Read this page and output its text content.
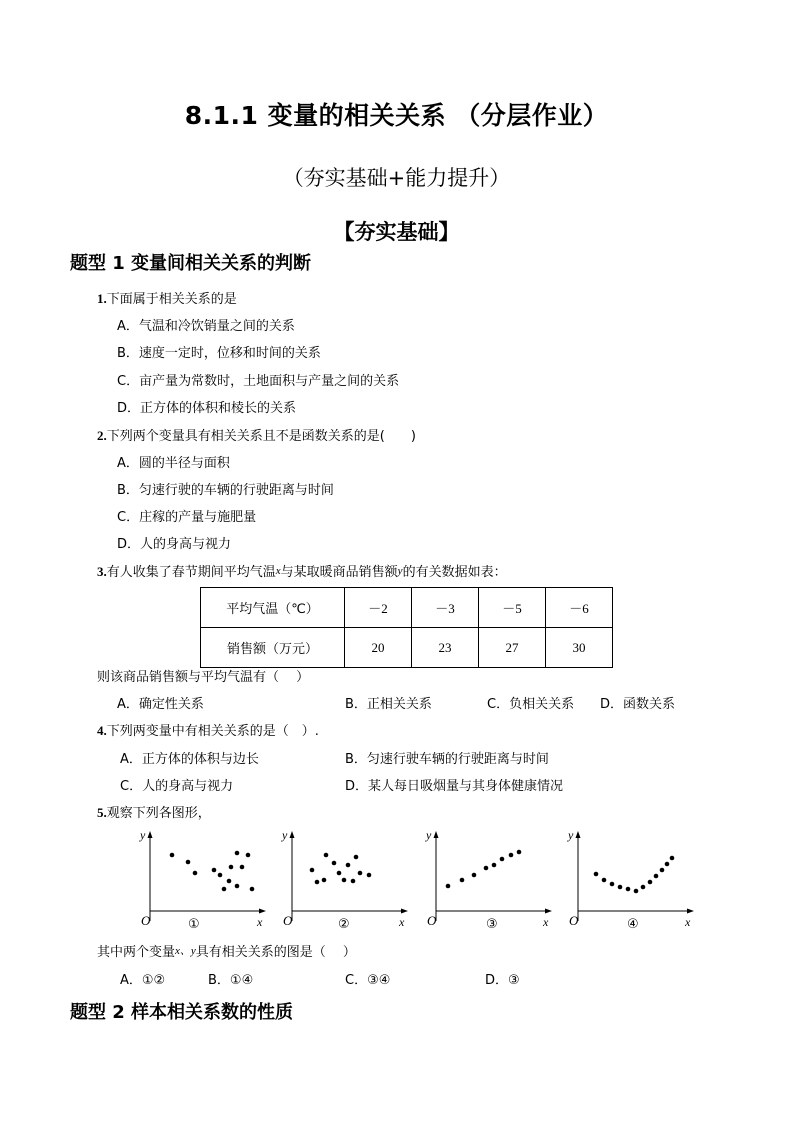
8.1.1 变量的相关关系 （分层作业）
（夯实基础+能力提升）
【夯实基础】
题型 1 变量间相关关系的判断
1.下面属于相关关系的是
A．气温和冷饮销量之间的关系
B．速度一定时，位移和时间的关系
C．亩产量为常数时，土地面积与产量之间的关系
D．正方体的体积和棱长的关系
2.下列两个变量具有相关关系且不是函数关系的是(　　)
A．圆的半径与面积
B．匀速行驶的车辆的行驶距离与时间
C．庄稼的产量与施肥量
D．人的身高与视力
3.有人收集了春节期间平均气温x与某取暖商品销售额y的有关数据如表：
平均气温（℃）	－2	－3	－5	－6
销售额（万元）	20	23	27	30
则该商品销售额与平均气温有（　 ）
A．确定性关系	B．正相关关系	C．负相关关系 D．函数关系
4.下列两变量中有相关关系的是（　）.
A．正方体的体积与边长	B．匀速行驶车辆的行驶距离与时间
C．人的身高与视力	D．某人每日吸烟量与其身体健康情况
5.观察下列各图形，
y
x
O	①
y
x
O	②
y
x
O	③
y
x
O	④
其中两个变量x、y具有相关关系的图是（　 ）
A．①②	B．①④	C．③④	D．③
题型 2 样本相关系数的性质
